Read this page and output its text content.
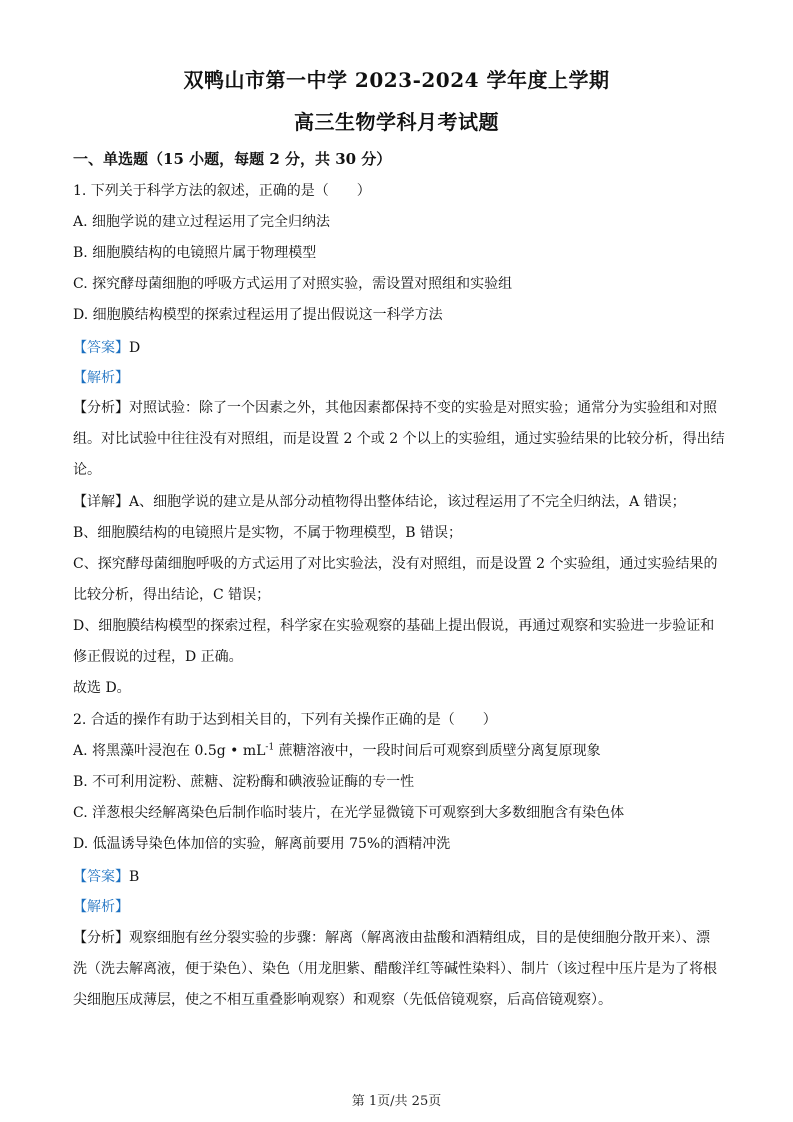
双鸭山市第一中学 2023-2024 学年度上学期
高三生物学科月考试题
一、单选题（15 小题，每题 2 分，共 30 分）
1. 下列关于科学方法的叙述，正确的是（　　）
A. 细胞学说的建立过程运用了完全归纳法
B. 细胞膜结构的电镜照片属于物理模型
C. 探究酵母菌细胞的呼吸方式运用了对照实验，需设置对照组和实验组
D. 细胞膜结构模型的探索过程运用了提出假说这一科学方法
【答案】D
【解析】
【分析】对照试验：除了一个因素之外，其他因素都保持不变的实验是对照实验；通常分为实验组和对照
组。对比试验中往往没有对照组，而是设置 2 个或 2 个以上的实验组，通过实验结果的比较分析，得出结
论。
【详解】A、细胞学说的建立是从部分动植物得出整体结论，该过程运用了不完全归纳法，A 错误；
B、细胞膜结构的电镜照片是实物，不属于物理模型，B 错误；
C、探究酵母菌细胞呼吸的方式运用了对比实验法，没有对照组，而是设置 2 个实验组，通过实验结果的
比较分析，得出结论，C 错误；
D、细胞膜结构模型的探索过程，科学家在实验观察的基础上提出假说，再通过观察和实验进一步验证和
修正假说的过程，D 正确。
故选 D。
2. 合适的操作有助于达到相关目的，下列有关操作正确的是（　　）
A. 将黑藻叶浸泡在 0.5g • $mL^{-1}$ 蔗糖溶液中，一段时间后可观察到质壁分离复原现象
B. 不可利用淀粉、蔗糖、淀粉酶和碘液验证酶的专一性
C. 洋葱根尖经解离染色后制作临时装片，在光学显微镜下可观察到大多数细胞含有染色体
D. 低温诱导染色体加倍的实验，解离前要用 75%的酒精冲洗
【答案】B
【解析】
【分析】观察细胞有丝分裂实验的步骤：解离（解离液由盐酸和酒精组成，目的是使细胞分散开来）、漂
洗（洗去解离液，便于染色）、染色（用龙胆紫、醋酸洋红等碱性染料）、制片（该过程中压片是为了将根
尖细胞压成薄层，使之不相互重叠影响观察）和观察（先低倍镜观察，后高倍镜观察）。
第 1页/共 25页
